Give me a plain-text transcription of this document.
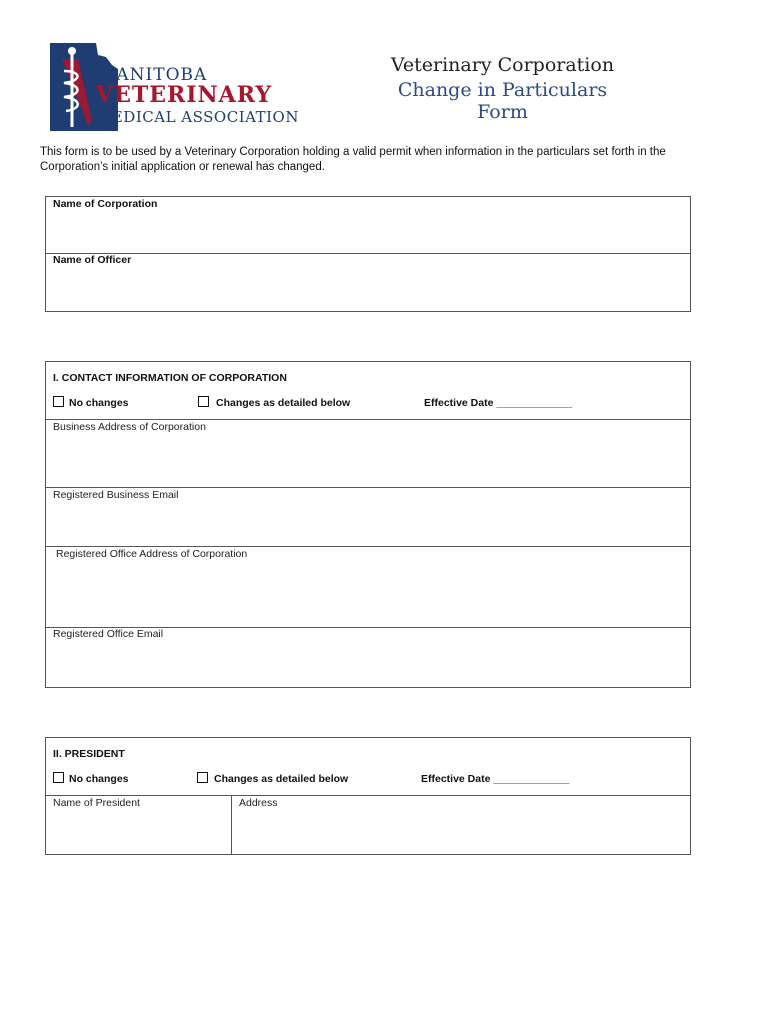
MANITOBA
VETERINARY
MEDICAL ASSOCIATION
Veterinary Corporation
Change in Particulars Form
This form is to be used by a Veterinary Corporation holding a valid permit when information in the particulars set forth in the Corporation’s initial application or renewal has changed.
Name of Corporation
Name of Officer
I. CONTACT INFORMATION OF CORPORATION
No changes	Changes as detailed below	Effective Date _____________
Business Address of Corporation
Registered Business Email
Registered Office Address of Corporation
Registered Office Email
II. PRESIDENT
No changes	Changes as detailed below	Effective Date _____________
Name of President	Address
